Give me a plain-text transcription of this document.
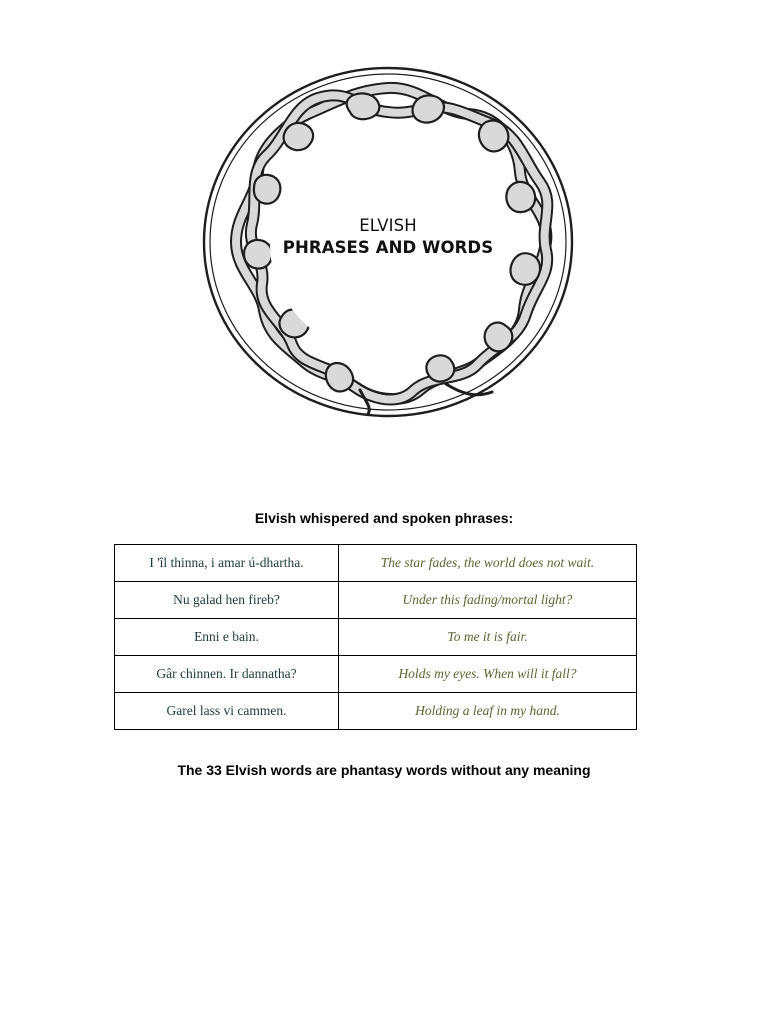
ELVISH
PHRASES AND WORDS
Elvish whispered and spoken phrases:
I 'îl thinna, i amar ú-dhartha.	The star fades, the world does not wait.
Nu galad hen fireb?	Under this fading/mortal light?
Enni e bain.	To me it is fair.
Gâr chinnen. Ir dannatha?	Holds my eyes. When will it fall?
Garel lass vi cammen.	Holding a leaf in my hand.
The 33 Elvish words are phantasy words without any meaning
